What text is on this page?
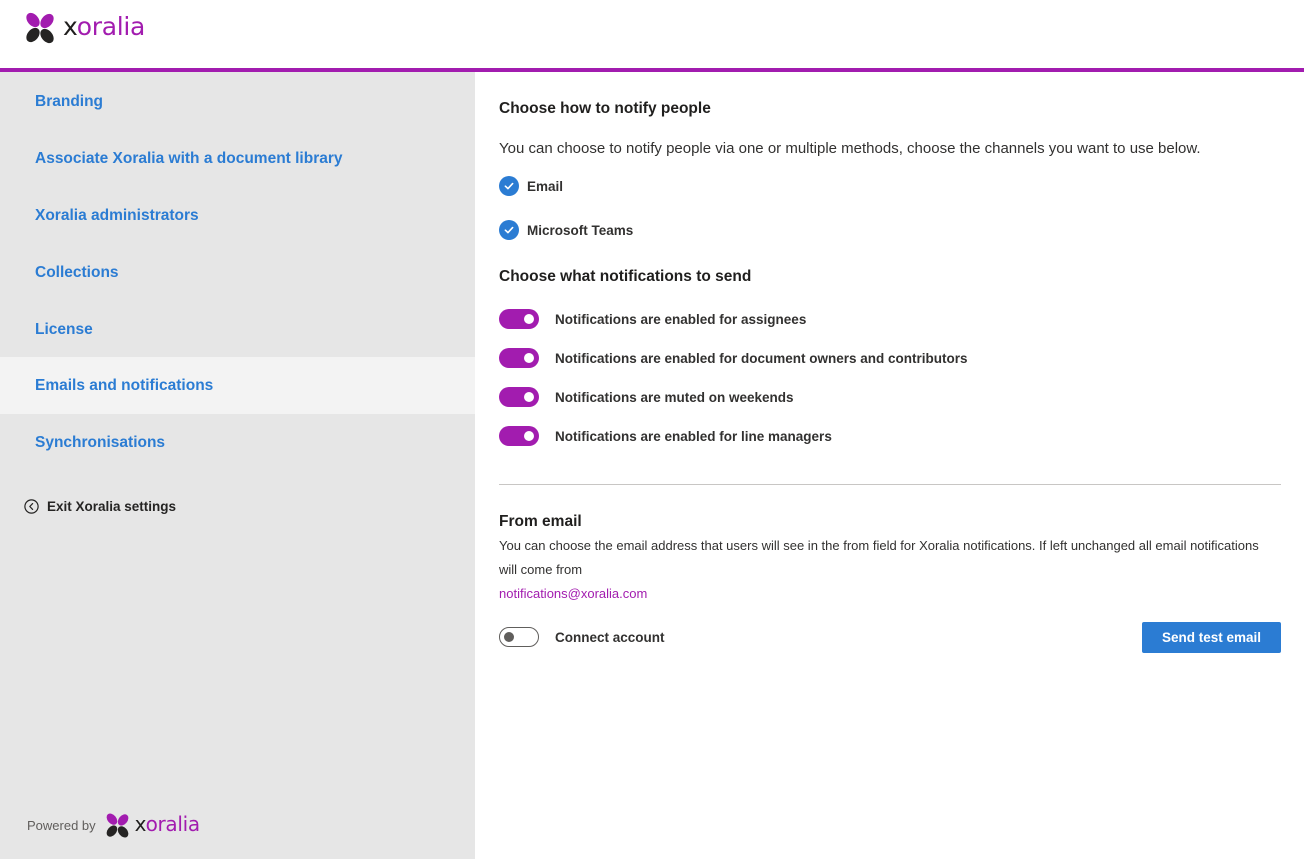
xoralia
Branding
Associate Xoralia with a document library
Xoralia administrators
Collections
License
Emails and notifications
Synchronisations
Exit Xoralia settings
Powered by xoralia
Choose how to notify people
You can choose to notify people via one or multiple methods, choose the channels you want to use below.
Email
Microsoft Teams
Choose what notifications to send
Notifications are enabled for assignees
Notifications are enabled for document owners and contributors
Notifications are muted on weekends
Notifications are enabled for line managers
From email
You can choose the email address that users will see in the from field for Xoralia notifications. If left unchanged all email notifications will come from
notifications@xoralia.com
Connect account	Send test email
